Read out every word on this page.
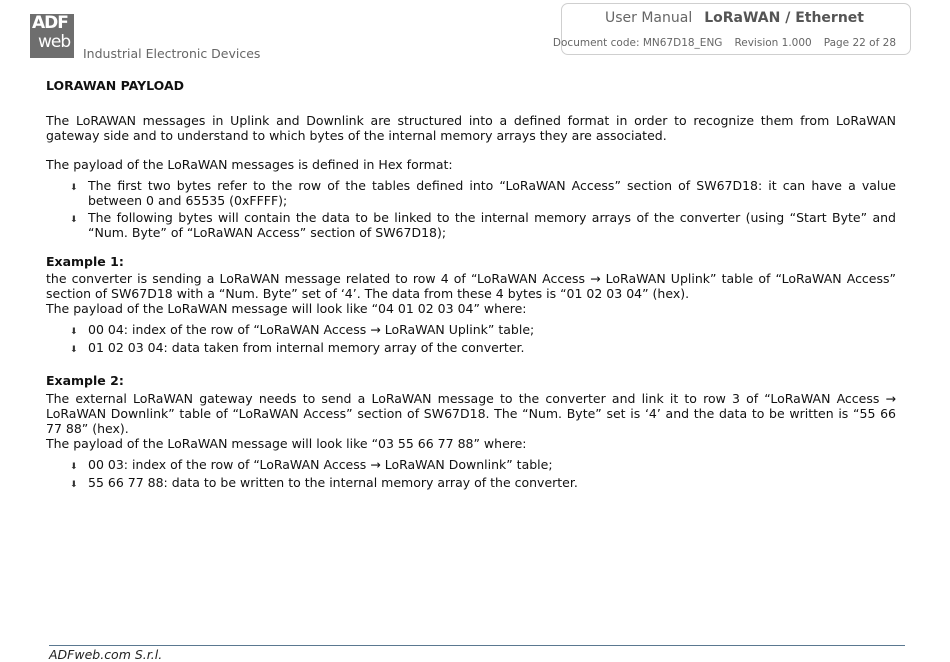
ADF
web
Industrial Electronic Devices
User Manual LoRaWAN / Ethernet
Document code: MN67D18_ENG Revision 1.000 Page 22 of 28
LORAWAN PAYLOAD

The LoRAWAN messages in Uplink and Downlink are structured into a defined format in order to recognize them from LoRaWAN gateway side and to understand to which bytes of the internal memory arrays they are associated.

The payload of the LoRaWAN messages is defined in Hex format:

⬇ The first two bytes refer to the row of the tables defined into “LoRaWAN Access” section of SW67D18: it can have a value between 0 and 65535 (0xFFFF);
⬇ The following bytes will contain the data to be linked to the internal memory arrays of the converter (using “Start Byte” and “Num. Byte” of “LoRaWAN Access” section of SW67D18);
Example 1:

the converter is sending a LoRaWAN message related to row 4 of “LoRaWAN Access → LoRaWAN Uplink” table of “LoRaWAN Access” section of SW67D18 with a “Num. Byte” set of ‘4’. The data from these 4 bytes is “01 02 03 04” (hex).

The payload of the LoRaWAN message will look like “04 01 02 03 04” where:

⬇ 00 04: index of the row of “LoRaWAN Access → LoRaWAN Uplink” table;
⬇ 01 02 03 04: data taken from internal memory array of the converter.
Example 2:

The external LoRaWAN gateway needs to send a LoRaWAN message to the converter and link it to row 3 of “LoRaWAN Access → LoRaWAN Downlink” table of “LoRaWAN Access” section of SW67D18. The “Num. Byte” set is ‘4’ and the data to be written is “55 66 77 88” (hex).

The payload of the LoRaWAN message will look like “03 55 66 77 88” where:

⬇ 00 03: index of the row of “LoRaWAN Access → LoRaWAN Downlink” table;
⬇ 55 66 77 88: data to be written to the internal memory array of the converter.
ADFweb.com S.r.l.
